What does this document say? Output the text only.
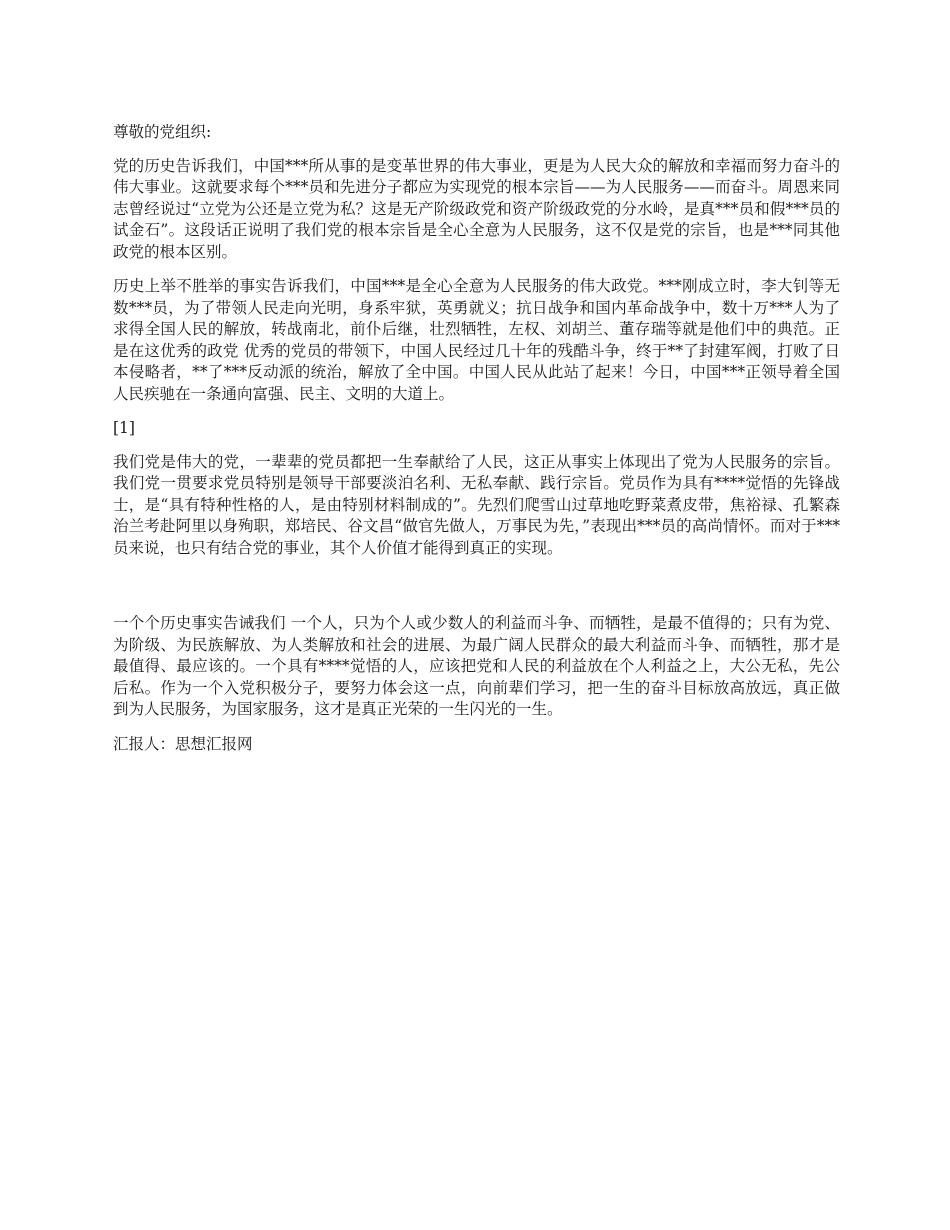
尊敬的党组织:

党的历史告诉我们，中国***所从事的是变革世界的伟大事业，更是为人民大众的解放和幸福而努力奋斗的伟大事业。这就要求每个***员和先进分子都应为实现党的根本宗旨——为人民服务——而奋斗。周恩来同志曾经说过“立党为公还是立党为私？这是无产阶级政党和资产阶级政党的分水岭，是真***员和假***员的试金石”。这段话正说明了我们党的根本宗旨是全心全意为人民服务，这不仅是党的宗旨，也是***同其他政党的根本区别。

历史上举不胜举的事实告诉我们，中国***是全心全意为人民服务的伟大政党。***刚成立时，李大钊等无数***员，为了带领人民走向光明，身系牢狱，英勇就义；抗日战争和国内革命战争中，数十万***人为了求得全国人民的解放，转战南北，前仆后继，壮烈牺牲，左权、刘胡兰、董存瑞等就是他们中的典范。正是在这优秀的政党 优秀的党员的带领下，中国人民经过几十年的残酷斗争，终于**了封建军阀，打败了日本侵略者，**了***反动派的统治，解放了全中国。中国人民从此站了起来！今日，中国***正领导着全国人民疾驰在一条通向富强、民主、文明的大道上。

[1]

我们党是伟大的党，一辈辈的党员都把一生奉献给了人民，这正从事实上体现出了党为人民服务的宗旨。我们党一贯要求党员特别是领导干部要淡泊名利、无私奉献、践行宗旨。党员作为具有****觉悟的先锋战士，是“具有特种性格的人，是由特别材料制成的”。先烈们爬雪山过草地吃野菜煮皮带，焦裕禄、孔繁森治兰考赴阿里以身殉职，郑培民、谷文昌“做官先做人，万事民为先，”表现出***员的高尚情怀。而对于***员来说，也只有结合党的事业，其个人价值才能得到真正的实现。

一个个历史事实告诫我们 一个人，只为个人或少数人的利益而斗争、而牺牲，是最不值得的；只有为党、为阶级、为民族解放、为人类解放和社会的进展、为最广阔人民群众的最大利益而斗争、而牺牲，那才是最值得、最应该的。一个具有****觉悟的人，应该把党和人民的利益放在个人利益之上，大公无私，先公后私。作为一个入党积极分子，要努力体会这一点，向前辈们学习，把一生的奋斗目标放高放远，真正做到为人民服务，为国家服务，这才是真正光荣的一生闪光的一生。

汇报人：思想汇报网
